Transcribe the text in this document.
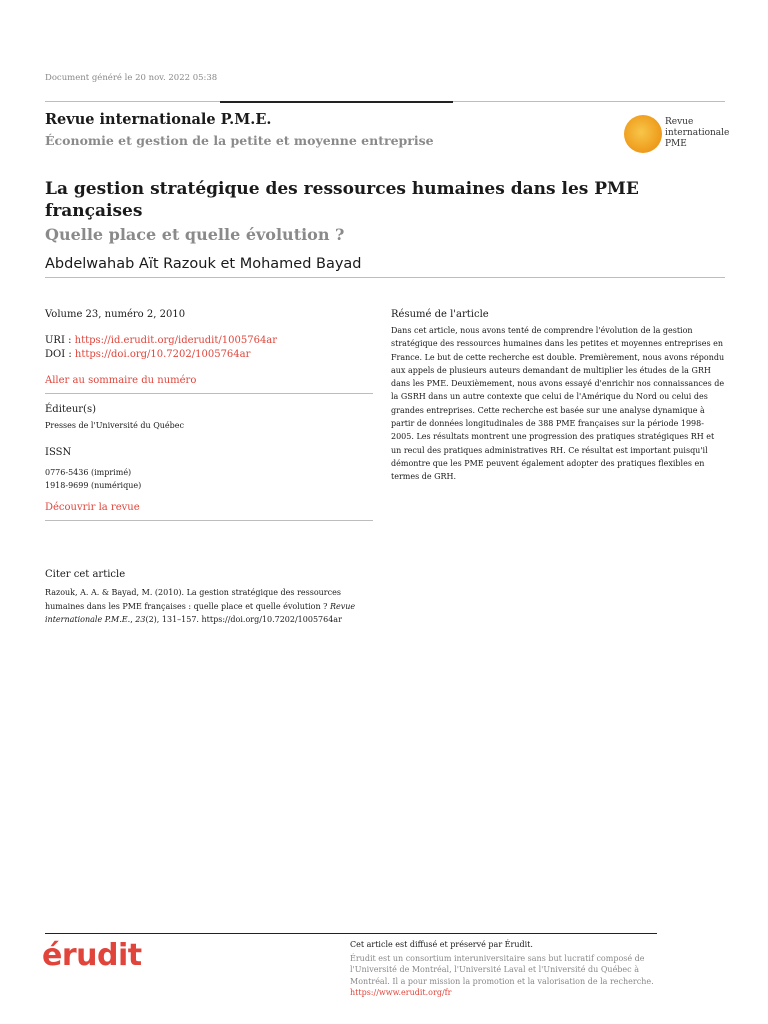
Document généré le 20 nov. 2022 05:38
Revue internationale P.M.E.
Économie et gestion de la petite et moyenne entreprise
Revue
internationale
PME
La gestion stratégique des ressources humaines dans les PME françaises
Quelle place et quelle évolution ?
Abdelwahab Aït Razouk et Mohamed Bayad
Volume 23, numéro 2, 2010
URI : https://id.erudit.org/iderudit/1005764ar
DOI : https://doi.org/10.7202/1005764ar
Aller au sommaire du numéro
Éditeur(s)
Presses de l'Université du Québec
ISSN
0776-5436 (imprimé)
1918-9699 (numérique)
Découvrir la revue
Résumé de l'article

Dans cet article, nous avons tenté de comprendre l'évolution de la gestion stratégique des ressources humaines dans les petites et moyennes entreprises en France. Le but de cette recherche est double. Premièrement, nous avons répondu aux appels de plusieurs auteurs demandant de multiplier les études de la GRH dans les PME. Deuxièmement, nous avons essayé d'enrichir nos connaissances de la GSRH dans un autre contexte que celui de l'Amérique du Nord ou celui des grandes entreprises. Cette recherche est basée sur une analyse dynamique à partir de données longitudinales de 388 PME françaises sur la période 1998-2005. Les résultats montrent une progression des pratiques stratégiques RH et un recul des pratiques administratives RH. Ce résultat est important puisqu'il démontre que les PME peuvent également adopter des pratiques flexibles en termes de GRH.

Citer cet article
Razouk, A. A. & Bayad, M. (2010). La gestion stratégique des ressources humaines dans les PME françaises : quelle place et quelle évolution ? Revue internationale P.M.E., 23(2), 131–157. https://doi.org/10.7202/1005764ar
érudit	Cet article est diffusé et préservé par Érudit.

Érudit est un consortium interuniversitaire sans but lucratif composé de l'Université de Montréal, l'Université Laval et l'Université du Québec à Montréal. Il a pour mission la promotion et la valorisation de la recherche.

https://www.erudit.org/fr
